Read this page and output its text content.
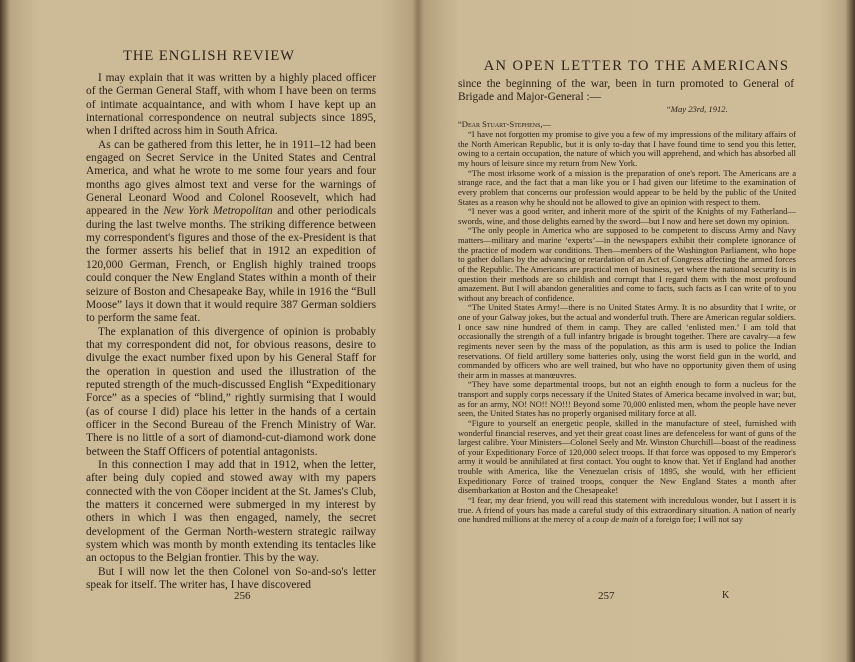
THE ENGLISH REVIEW

I may explain that it was written by a highly placed officer of the German General Staff, with whom I have been on terms of intimate acquaintance, and with whom I have kept up an international correspondence on neutral subjects since 1895, when I drifted across him in South Africa.

As can be gathered from this letter, he in 1911–12 had been engaged on Secret Service in the United States and Central America, and what he wrote to me some four years and four months ago gives almost text and verse for the warnings of General Leonard Wood and Colonel Roosevelt, which had appeared in the New York Metropolitan and other periodicals during the last twelve months. The striking difference between my correspondent's figures and those of the ex-President is that the former asserts his belief that in 1912 an expedition of 120,000 German, French, or English highly trained troops could conquer the New England States within a month of their seizure of Boston and Chesapeake Bay, while in 1916 the “Bull Moose” lays it down that it would require 387 German soldiers to perform the same feat.

The explanation of this divergence of opinion is probably that my correspondent did not, for obvious reasons, desire to divulge the exact number fixed upon by his General Staff for the operation in question and used the illustration of the reputed strength of the much-discussed English “Expeditionary Force” as a species of “blind,” rightly surmising that I would (as of course I did) place his letter in the hands of a certain officer in the Second Bureau of the French Ministry of War. There is no little of a sort of diamond-cut-diamond work done between the Staff Officers of potential antagonists.

In this connection I may add that in 1912, when the letter, after being duly copied and stowed away with my papers connected with the von Cöoper incident at the St. James's Club, the matters it concerned were submerged in my interest by others in which I was then engaged, namely, the secret development of the German North-western strategic railway system which was month by month extending its tentacles like an octopus to the Belgian frontier. This by the way.

But I will now let the then Colonel von So-and-so's letter speak for itself. The writer has, I have discovered

256
AN OPEN LETTER TO THE AMERICANS
since the beginning of the war, been in turn promoted to General of Brigade and Major-General :—
“May 23rd, 1912.

“Dear Stuart-Stephens,—

“I have not forgotten my promise to give you a few of my impressions of the military affairs of the North American Republic, but it is only to-day that I have found time to send you this letter, owing to a certain occupation, the nature of which you will apprehend, and which has absorbed all my hours of leisure since my return from New York.

“The most irksome work of a mission is the preparation of one's report. The Americans are a strange race, and the fact that a man like you or I had given our lifetime to the examination of every problem that concerns our profession would appear to be held by the public of the United States as a reason why he should not be allowed to give an opinion with respect to them.

“I never was a good writer, and inherit more of the spirit of the Knights of my Fatherland—swords, wine, and those delights earned by the sword—but I now and here set down my opinion.

“The only people in America who are supposed to be competent to discuss Army and Navy matters—military and marine ‘experts’—in the newspapers exhibit their complete ignorance of the practice of modern war conditions. Then—members of the Washington Parliament, who hope to gather dollars by the advancing or retardation of an Act of Congress affecting the armed forces of the Republic. The Americans are practical men of business, yet where the national security is in question their methods are so childish and corrupt that I regard them with the most profound amazement. But I will abandon generalities and come to facts, such facts as I can write of to you without any breach of confidence.

“The United States Army!—there is no United States Army. It is no absurdity that I write, or one of your Galway jokes, but the actual and wonderful truth. There are American regular soldiers. I once saw nine hundred of them in camp. They are called ‘enlisted men.’ I am told that occasionally the strength of a full infantry brigade is brought together. There are cavalry—a few regiments never seen by the mass of the population, as this arm is used to police the Indian reservations. Of field artillery some batteries only, using the worst field gun in the world, and commanded by officers who are well trained, but who have no opportunity given them of using their arm in masses at manœuvres.

“They have some departmental troops, but not an eighth enough to form a nucleus for the transport and supply corps necessary if the United States of America became involved in war; but, as for an army, NO! NO!! NO!!! Beyond some 70,000 enlisted men, whom the people have never seen, the United States has no properly organised military force at all.

“Figure to yourself an energetic people, skilled in the manufacture of steel, furnished with wonderful financial reserves, and yet their great coast lines are defenceless for want of guns of the largest calibre. Your Ministers—Colonel Seely and Mr. Winston Churchill—boast of the readiness of your Expeditionary Force of 120,000 select troops. If that force was opposed to my Emperor's army it would be annihilated at first contact. You ought to know that. Yet if England had another trouble with America, like the Venezuelan crisis of 1895, she would, with her efficient Expeditionary Force of trained troops, conquer the New England States a month after disembarkation at Boston and the Chesapeake!

“I fear, my dear friend, you will read this statement with incredulous wonder, but I assert it is true. A friend of yours has made a careful study of this extraordinary situation. A nation of nearly one hundred millions at the mercy of a coup de main of a foreign foe; I will not say

257	K
